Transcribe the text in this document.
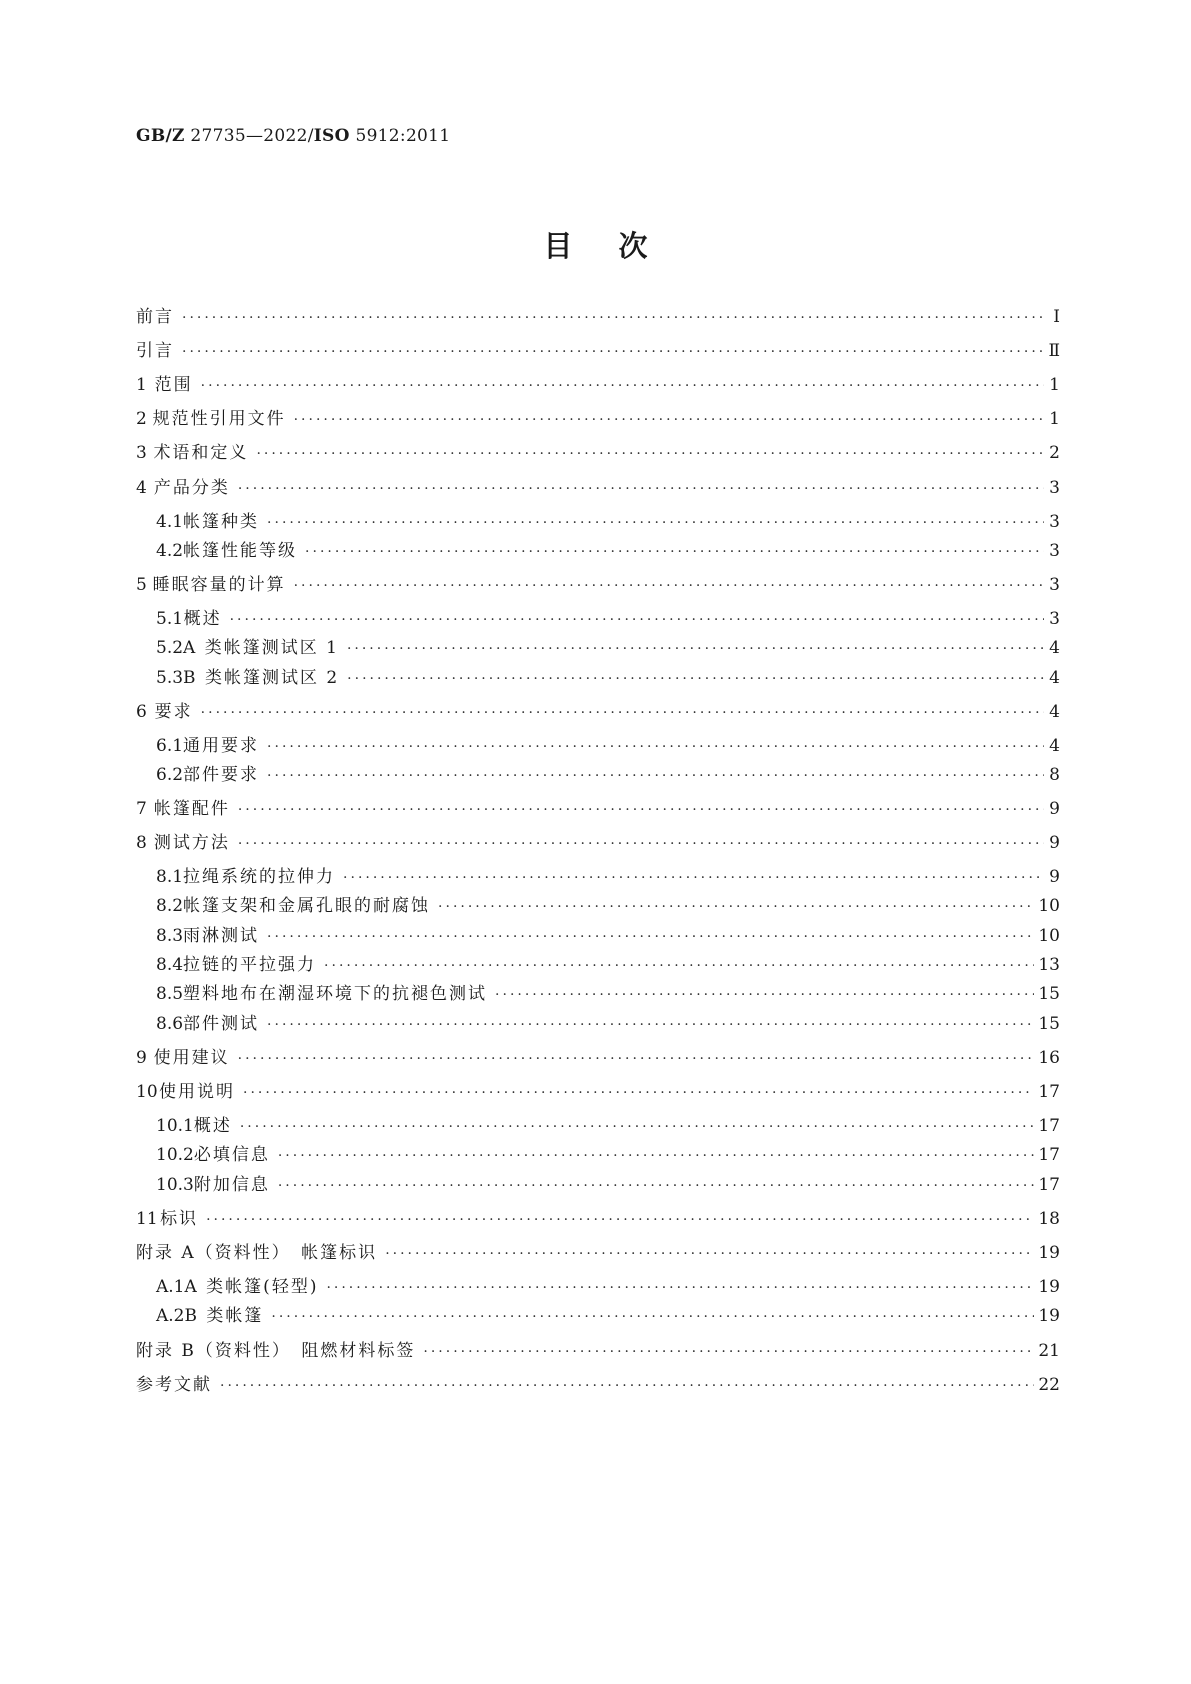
GB/Z 27735—2022/ISO 5912:2011
目次
前言 ·····	Ⅰ
引言 ·····	Ⅱ
1 范围 ·····	1
2 规范性引用文件 ·····	1
3 术语和定义 ·····	2
4 产品分类 ·····	3
4.1 帐篷种类 ·····	3
4.2 帐篷性能等级 ·····	3
5 睡眠容量的计算 ·····	3
5.1 概述 ·····	3
5.2 A 类帐篷测试区 1 ·····	4
5.3 B 类帐篷测试区 2 ·····	4
6 要求 ·····	4
6.1 通用要求 ·····	4
6.2 部件要求 ·····	8
7 帐篷配件 ·····	9
8 测试方法 ·····	9
8.1 拉绳系统的拉伸力 ·····	9
8.2 帐篷支架和金属孔眼的耐腐蚀 ·····	10
8.3 雨淋测试 ·····	10
8.4 拉链的平拉强力 ·····	13
8.5 塑料地布在潮湿环境下的抗褪色测试 ·····	15
8.6 部件测试 ·····	15
9 使用建议 ·····	16
10 使用说明 ·····	17
10.1 概述 ·····	17
10.2 必填信息 ·····	17
10.3 附加信息 ·····	17
11 标识 ·····	18
附录 A（资料性）　帐篷标识 ·····	19
A.1 A 类帐篷(轻型) ·····	19
A.2 B 类帐篷 ·····	19
附录 B（资料性）　阻燃材料标签 ·····	21
参考文献 ·····	22
